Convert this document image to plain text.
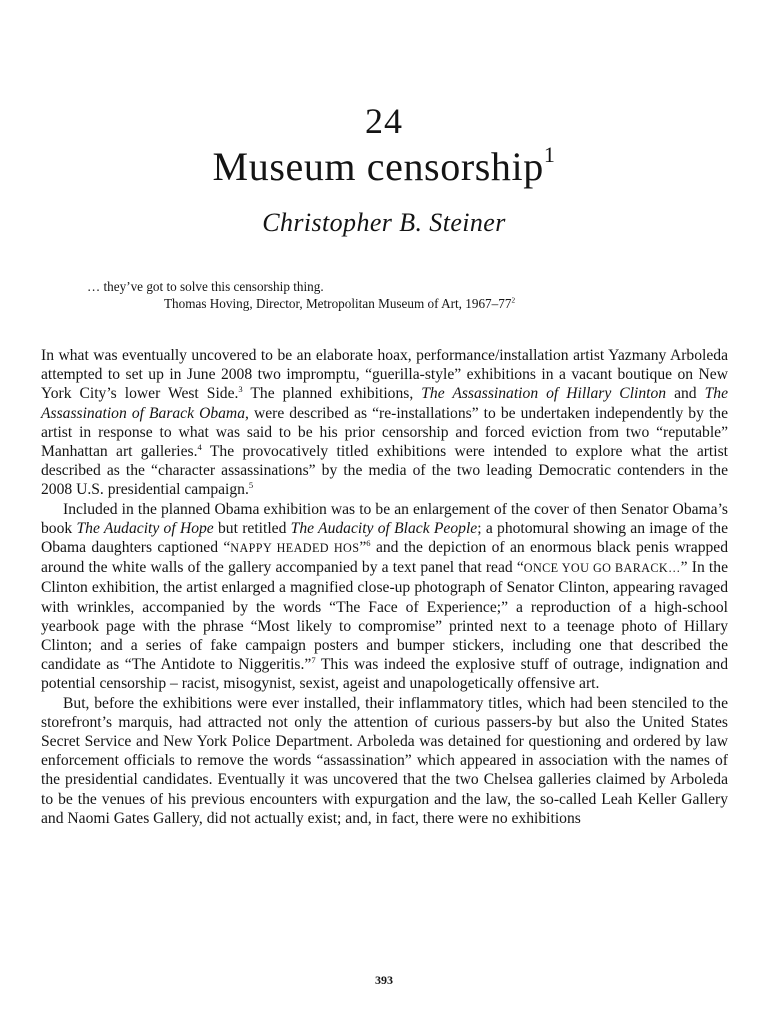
24
Museum censorship$^1$
Christopher B. Steiner
… they’ve got to solve this censorship thing.
Thomas Hoving, Director, Metropolitan Museum of Art, $1967-77^2$

In what was eventually uncovered to be an elaborate hoax, performance/installation artist Yazmany Arboleda attempted to set up in June 2008 two impromptu, “guerilla-style” exhibitions in a vacant boutique on New York City’s lower West Side.$^3$ The planned exhibitions, The Assassination of Hillary Clinton and The Assassination of Barack Obama, were described as “re-installations” to be undertaken independently by the artist in response to what was said to be his prior censorship and forced eviction from two “reputable” Manhattan art galleries.$^4$ The provocatively titled exhibitions were intended to explore what the artist described as the “character assassinations” by the media of the two leading Democratic contenders in the 2008 U.S. presidential campaign.$^5$

Included in the planned Obama exhibition was to be an enlargement of the cover of then Senator Obama’s book The Audacity of Hope but retitled The Audacity of Black People; a photomural showing an image of the Obama daughters captioned “NAPPY HEADED HOS”$^6$ and the depiction of an enormous black penis wrapped around the white walls of the gallery accompanied by a text panel that read “ONCE YOU GO BARACK…” In the Clinton exhibition, the artist enlarged a magnified close-up photograph of Senator Clinton, appearing ravaged with wrinkles, accompanied by the words “The Face of Experience;” a reproduction of a high-school yearbook page with the phrase “Most likely to compromise” printed next to a teenage photo of Hillary Clinton; and a series of fake campaign posters and bumper stickers, including one that described the candidate as “The Antidote to Niggeritis.”$^7$ This was indeed the explosive stuff of outrage, indignation and potential censorship – racist, misogynist, sexist, ageist and unapologetically offensive art.

But, before the exhibitions were ever installed, their inflammatory titles, which had been stenciled to the storefront’s marquis, had attracted not only the attention of curious passers-by but also the United States Secret Service and New York Police Department. Arboleda was detained for questioning and ordered by law enforcement officials to remove the words “assassination” which appeared in association with the names of the presidential candidates. Eventually it was uncovered that the two Chelsea galleries claimed by Arboleda to be the venues of his previous encounters with expurgation and the law, the so-called Leah Keller Gallery and Naomi Gates Gallery, did not actually exist; and, in fact, there were no exhibitions

393
